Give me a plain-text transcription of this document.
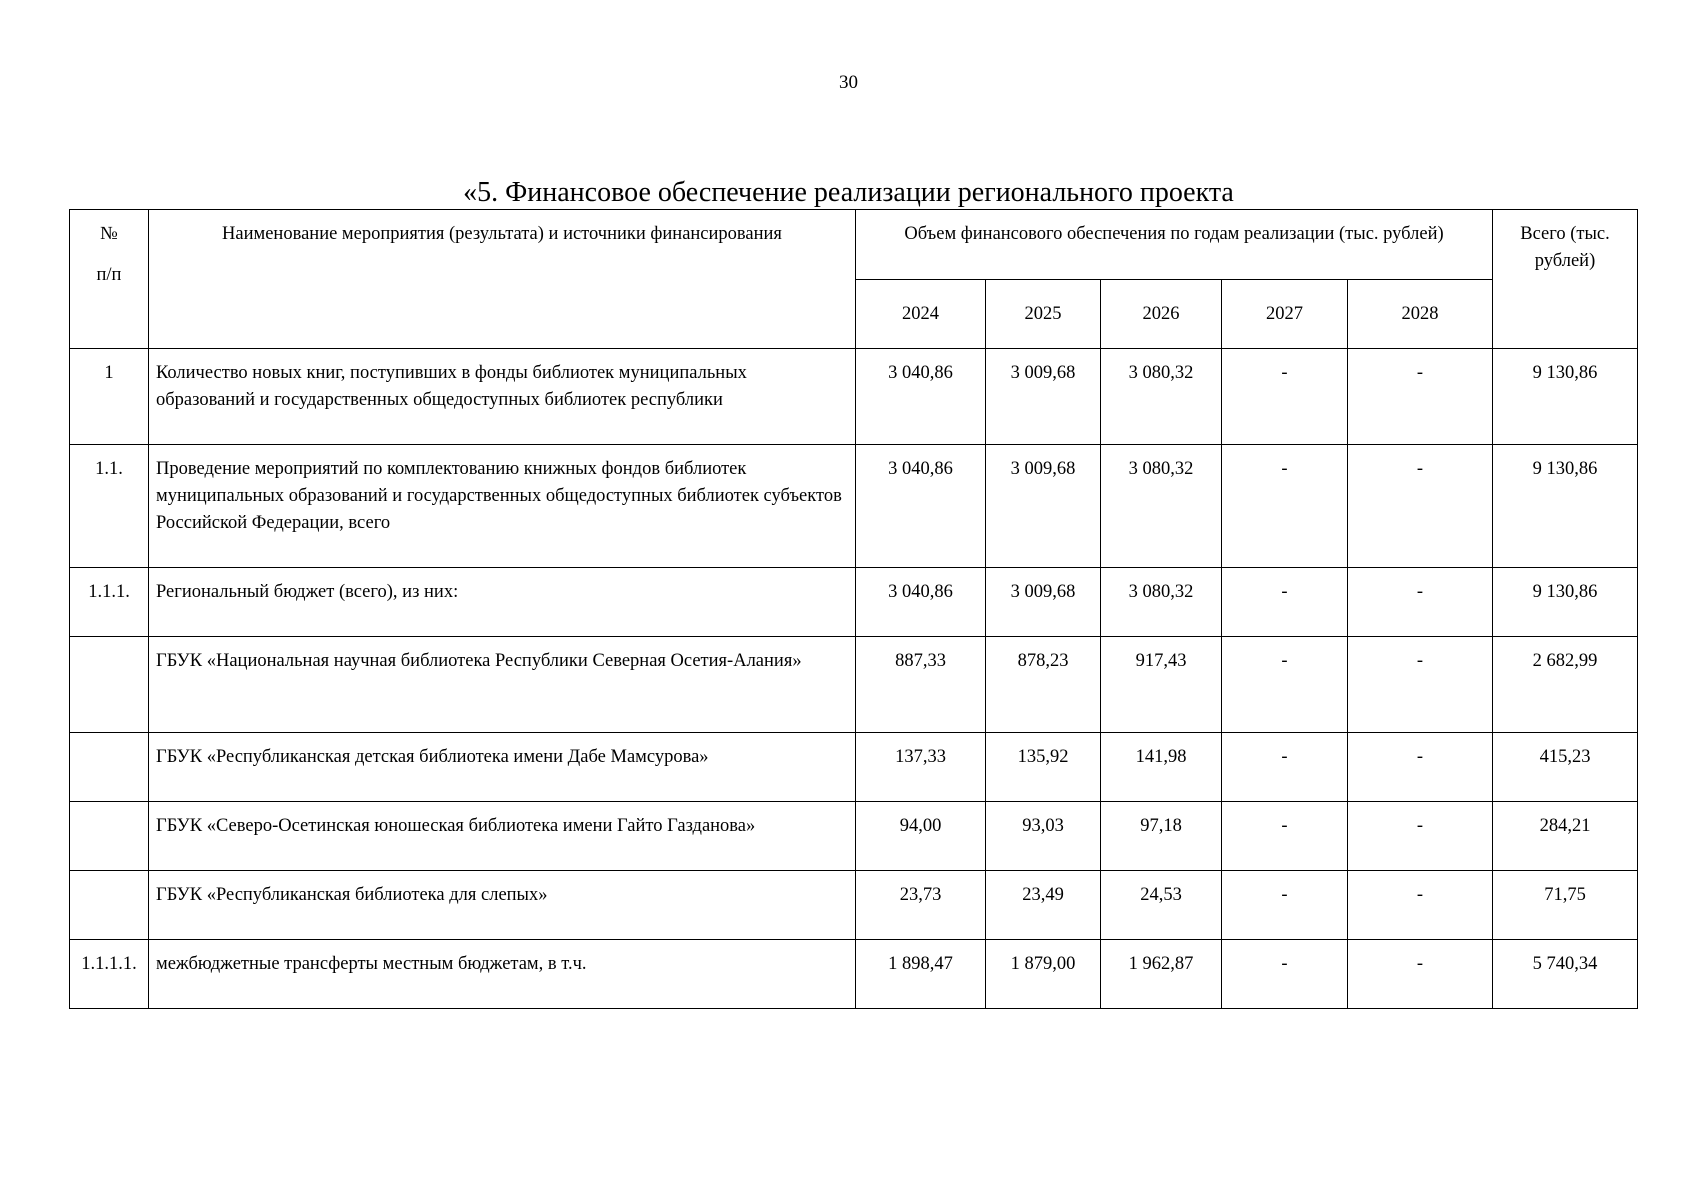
30
«5. Финансовое обеспечение реализации регионального проекта
№
п/п	Наименование мероприятия (результата) и источники финансирования	Объем финансового обеспечения по годам реализации (тыс. рублей)					Всего (тыс. рублей)
		2024	2025	2026	2027	2028	
1	Количество новых книг, поступивших в фонды библиотек муниципальных образований и государственных общедоступных библиотек республики	3 040,86	3 009,68	3 080,32	-	-	9 130,86
1.1.	Проведение мероприятий по комплектованию книжных фондов библиотек муниципальных образований и государственных общедоступных библиотек субъектов Российской Федерации, всего	3 040,86	3 009,68	3 080,32	-	-	9 130,86
1.1.1.	Региональный бюджет (всего), из них:	3 040,86	3 009,68	3 080,32	-	-	9 130,86
	ГБУК «Национальная научная библиотека Республики Северная Осетия-Алания»	887,33	878,23	917,43	-	-	2 682,99
	ГБУК «Республиканская детская библиотека имени Дабе Мамсурова»	137,33	135,92	141,98	-	-	415,23
	ГБУК «Северо-Осетинская юношеская библиотека имени Гайто Газданова»	94,00	93,03	97,18	-	-	284,21
	ГБУК «Республиканская библиотека для слепых»	23,73	23,49	24,53	-	-	71,75
1.1.1.1.	межбюджетные трансферты местным бюджетам, в т.ч.	1 898,47	1 879,00	1 962,87	-	-	5 740,34
